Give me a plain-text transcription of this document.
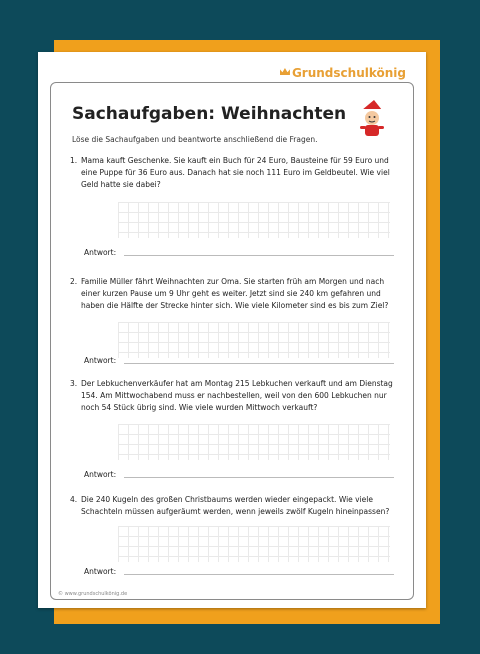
Grundschulkönig
Sachaufgaben: Weihnachten
Löse die Sachaufgaben und beantworte anschließend die Fragen.
1. Mama kauft Geschenke. Sie kauft ein Buch für 24 Euro, Bausteine für 59 Euro und eine Puppe für 36 Euro aus. Danach hat sie noch 111 Euro im Geldbeutel. Wie viel Geld hatte sie dabei?
Antwort:
2. Familie Müller fährt Weihnachten zur Oma. Sie starten früh am Morgen und nach einer kurzen Pause um 9 Uhr geht es weiter. Jetzt sind sie 240 km gefahren und haben die Hälfte der Strecke hinter sich. Wie viele Kilometer sind es bis zum Ziel?
Antwort:
3. Der Lebkuchenverkäufer hat am Montag 215 Lebkuchen verkauft und am Dienstag 154. Am Mittwochabend muss er nachbestellen, weil von den 600 Lebkuchen nur noch 54 Stück übrig sind. Wie viele wurden Mittwoch verkauft?
Antwort:
4. Die 240 Kugeln des großen Christbaums werden wieder eingepackt. Wie viele Schachteln müssen aufgeräumt werden, wenn jeweils zwölf Kugeln hineinpassen?
Antwort:
© www.grundschulkönig.de
